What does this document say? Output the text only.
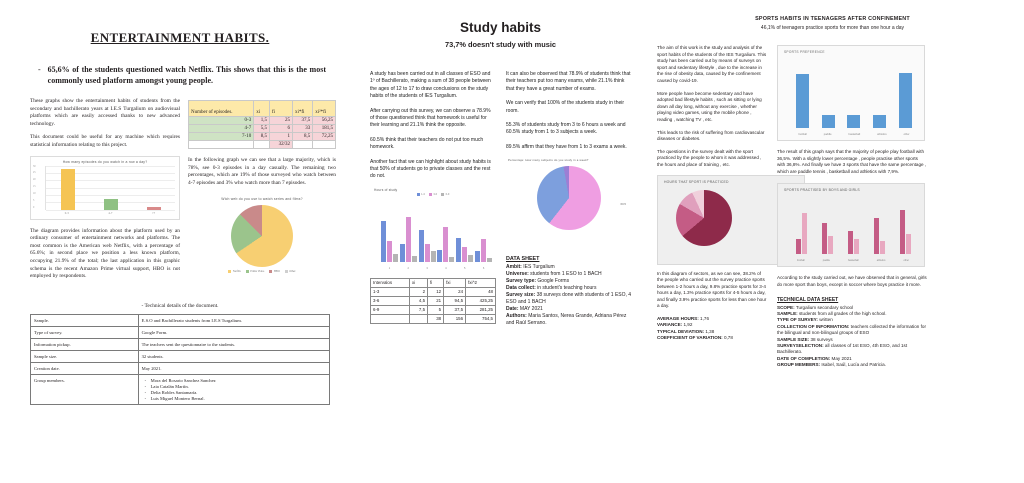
ENTERTAINMENT HABITS.
- 65,6% of the students questioned watch Netflix. This shows that this is the most commonly used platform amongst young people.

These graphs show the entertainment habits of students from the secondary and bachillerato years at I.E.S Turgalium on audiovisual platforms which are easily accessed thanks to new advanced technology.

This document could be useful for any machine which requires statistical information relating to this project.

How many episodes do you watch in a row a day?
30
25
20
15
10
5
0
0-3	4-7	>7

The diagram provides information about the platform used by an ordinary consumer of entertainment networks and platforms. The most common is the American web Netflix, with a percentage of 65.6%; in second place we position a less known platform, occupying 21.9% of the total; the last application in this graphic schema is the recent Amazon Prime virtual support, HBO is not employed by respondents.

Number of episodes.	xi	fi	xi*fi	xi²*fi
0-3	1,5	25	37,5	56,25
4-7	5,5	6	33	181,5
7-10	8,5	1	8,5	72,25
		32/32		

In the following graph we can see that a large majority, which is 78%, see 0-3 episodes in a day casually. The remaining two percentages, which are 19% of those surveyed who watch between 4-7 episodes and 3% who watch more than 7 episodes.

Wich web do you use to watch series and films?
Netflix	Prime Video	HBO	Other
- Technical details of the document.
Sample.	E.S.O and Bachillerato students from I.E.S Turgalium.
Type of survey.	Google Form.
Information pickup.	The teachers sent the questionnaire to the students.
Sample size.	32 students.
Creation date.	May 2021.
Group members.	
-Mora del Rosario Sanchez Sanchez
- Laia Catalán Martín.
- Delia Robles Santamaría.
- Luis Miguel Montero Bernal.
Study habits
73,7% doesn't study with music

A study has been carried out in all classes of ESO and 1º of Bachillerato, making a sum of 38 people between the ages of 12 to 17 to draw conclusions on the study habits of the students of IES Turgalium.

After carrying out this survey, we can observe a 78.9% of those questioned think that homework is useful for their learning and 21.1% think the opposite.

60.5% think that their teachers do not put too much homework.

Another fact that we can highlight about study habits is that 50% of students go to private classes and the rest do not.

Hours of study
1-3	3-6	6-9
1	2	3	4	5	6
Intervalos	xi	fi	fxi	fxi^2
1-3	2	12	24	48
3-6	4,5	21	94,5	425,25
6-9	7,5	5	37,5	281,25
		38	156	754,5

It can also be observed that 78.9% of students think that their teachers put too many exams, while 21.1% think that they have a great number of exams.

We can verify that 100% of the students study in their room.

55.3% of students study from 3 to 6 hours a week and 60.5% study from 1 to 3 subjects a week.

89.5% affirm that they have from 1 to 3 exams a week.

Percentaje: How many subjects do you study in a week?
60.5
DATA SHEET

Ambit: IES Turgalium

Universe: students from 1 ESO to 1 BACH

Survey type: Google Forms

Data collect: in student's teaching hours

Survey size: 38 surveys done with students of 1 ESO, 4 ESO and 1 BACH

Date: MAY 2021

Authors: Maria Santos, Nerea Grande, Adriana Pérez and Raúl Serrano.

SPORTS HABITS IN TEENAGERS AFTER CONFINEMENT
46,1% of teenagers practice sports for more than one hour a day

The aim of this work is the study and analysis of the sport habits of the students of the IES Turgalium. This study has been carried out by means of surveys on sport and sedentary lifestyle , due to the increase in the rise of obesity data, caused by the confinement caused by covid-19.

More people have become sedentary and have adopted bad lifestyle habits , such as sitting or lying down all day long, without any exercise , whether playing video games, using the mobile phone , reading , watching TV , etc.

This leads to the risk of suffering from cardiovascular diseases or diabetes.

The questions in the survey dealt with the sport practiced by the people to whom it was addressed , the hours and place of training , etc.

HOURS THAT SPORT IS PRACTICED

In this diagram of sectors, as we can see, 38.2% of the people who carried out the survey practice sports between 1-2 hours a day, 9.8% practice sports for 3-4 hours a day, 1.3% practice sports for 4-5 hours a day, and finally 3.9% practice sports for less than one hour a day.

AVERAGE HOURS: 1,76

VARIANCE: 1,92

TYPICAL DEVIATION: 1,38

COEFFICIENT OF VARIATION: 0,78

SPORTS PREFERENCE
football	paddle	basketball	athletics	other

The result of this graph says that the majority of people play football with 36,5%. With a slightly lower percentage , people practise other sports with 36,8%. And finally we have 3 sports that have the same percentage , which are paddle tennis , basketball and athletics with 7,9%.

SPORTS PRACTISED BY BOYS AND GIRLS
football	paddle	basketball	athletics	other

According to the study carried out, we have observed that in general, girls do more sport than boys, except in soccer where boys practice it more.

TECHNICAL DATA SHEET

SCOPE: Turgalium secondary school

SAMPLE: students from all grades of the high school.

TYPE OF SURVEY: written

COLLECTION OF INFORMATION: teachers collected the information for the bilingual and non-bilingual groups of ESO

SAMPLE SIZE: 38 surveys

SURVEYSELECTION: all classes of 1st ESO, 4th ESO, and 1st Bachillerato.

DATE OF COMPLETION: May 2021

GROUP MEMBERS: Isabel, Saúl, Lucía and Patricia.
